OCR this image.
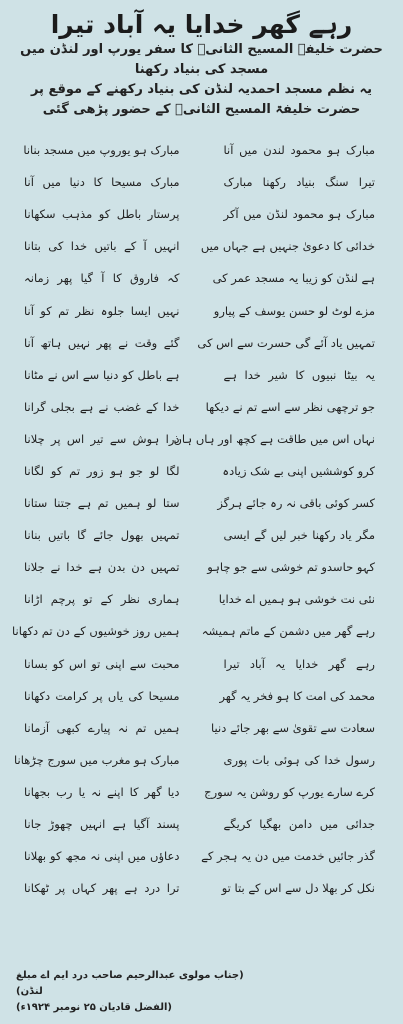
رہے گھر خدایا یہ آباد تیرا
حضرت خلیفۃ المسیح الثانیؓ کا سفر یورپ اور لنڈن میں مسجد کی بنیاد رکھنا
یہ نظم مسجد احمدیہ لنڈن کی بنیاد رکھنے کے موقع پر حضرت خلیفۃ المسیح الثانیؓ کے حضور پڑھی گئی
مبارک ہو محمود لندن میں آنا
مبارک ہو یوروپ میں مسجد بنانا
تیرا سنگ بنیاد رکھنا مبارک
مبارک مسیحا کا دنیا میں آنا
مبارک ہو محمود لنڈن میں آکر
پرستار باطل کو مذہب سکھانا
خدائی کا دعویٰ جنہیں ہے جہاں میں
انہیں آ کے باتیں خدا کی بتانا
ہے لنڈن کو زیبا یہ مسجد عمر کی
کہ فاروق کا آ گیا پھر زمانہ
مزے لوٹ لو حسن یوسف کے پیارو
نہیں ایسا جلوہ نظر تم کو آنا
تمہیں یاد آئے گی حسرت سے اس کی
گئے وقت نے پھر نہیں ہاتھ آنا
یہ بیٹا نبیوں کا شیر خدا ہے
ہے باطل کو دنیا سے اس نے مٹانا
جو ترچھی نظر سے اسے تم نے دیکھا
خدا کے غضب نے ہے بجلی گرانا
نہاں اس میں طاقت ہے کچھ اور ہاں ہاں
ذرا ہوش سے تیر اس پر چلانا
کرو کوششیں اپنی بے شک زیادہ
لگا لو جو ہو زور تم کو لگانا
کسر کوئی باقی نہ رہ جائے ہرگز
ستا لو ہمیں تم ہے جتنا ستانا
مگر یاد رکھنا خبر لیں گے ایسی
تمہیں بھول جائے گا باتیں بنانا
کہو حاسدو تم خوشی سے جو چاہو
تمہیں دن بدن ہے خدا نے جلانا
نئی نت خوشی ہو ہمیں اے خدایا
ہماری نظر کے تو پرچم اڑانا
رہے گھر میں دشمن کے ماتم ہمیشہ
ہمیں روز خوشیوں کے دن تم دکھانا
رہے گھر خدایا یہ آباد تیرا
محبت سے اپنی تو اس کو بسانا
محمد کی امت کا ہو فخر یہ گھر
مسیحا کی یاں پر کرامت دکھانا
سعادت سے تقویٰ سے بھر جائے دنیا
ہمیں تم نہ پیارے کبھی آزمانا
رسول خدا کی ہوئی بات پوری
مبارک ہو مغرب میں سورج چڑھانا
کرے سارے یورپ کو روشن یہ سورج
دیا گھر کا اپنے نہ یا رب بجھانا
جدائی میں دامن بھگیا کریگے
پسند آگیا ہے انہیں چھوڑ جانا
گذر جائیں خدمت میں دن یہ ہجر کے
دعاؤں میں اپنی نہ مجھ کو بھلانا
نکل کر بھلا دل سے اس کے بتا تو
ترا درد ہے پھر کہاں پر ٹھکانا
(جناب مولوی عبدالرحیم صاحب درد ایم اے مبلغ لنڈن)
(الفضل قادیان ۲۵ نومبر ۱۹۲۴ء)
